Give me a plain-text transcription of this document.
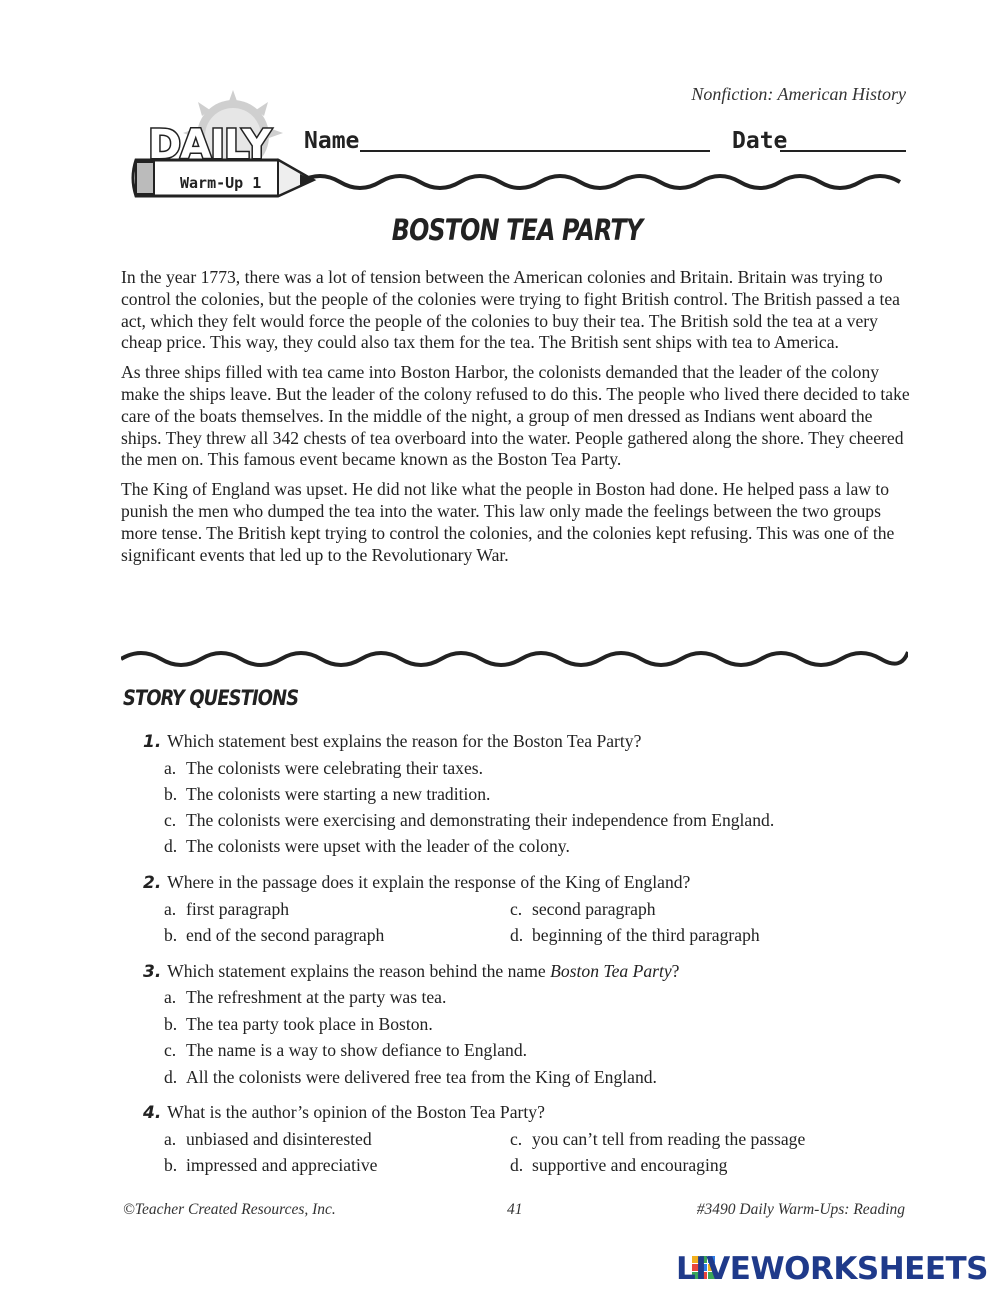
Nonfiction: American History
DAILY
Warm-Up 1
Name	Date
BOSTON TEA PARTY

In the year 1773, there was a lot of tension between the American colonies and Britain. Britain was trying to control the colonies, but the people of the colonies were trying to fight British control. The British passed a tea act, which they felt would force the people of the colonies to buy their tea. The British sold the tea at a very cheap price. This way, they could also tax them for the tea. The British sent ships with tea to America.

As three ships filled with tea came into Boston Harbor, the colonists demanded that the leader of the colony make the ships leave. But the leader of the colony refused to do this. The people who lived there decided to take care of the boats themselves. In the middle of the night, a group of men dressed as Indians went aboard the ships. They threw all 342 chests of tea overboard into the water. People gathered along the shore. They cheered the men on. This famous event became known as the Boston Tea Party.

The King of England was upset. He did not like what the people in Boston had done. He helped pass a law to punish the men who dumped the tea into the water. This law only made the feelings between the two groups more tense. The British kept trying to control the colonies, and the colonies kept refusing. This was one of the significant events that led up to the Revolutionary War.

STORY QUESTIONS
1. Which statement best explains the reason for the Boston Tea Party?
a. The colonists were celebrating their taxes.
b. The colonists were starting a new tradition.
c. The colonists were exercising and demonstrating their independence from England.
d. The colonists were upset with the leader of the colony.
2. Where in the passage does it explain the response of the King of England?
a. first paragraph	c. second paragraph
b. end of the second paragraph	d. beginning of the third paragraph
3. Which statement explains the reason behind the name Boston Tea Party?
a. The refreshment at the party was tea.
b. The tea party took place in Boston.
c. The name is a way to show defiance to England.
d. All the colonists were delivered free tea from the King of England.
4. What is the author’s opinion of the Boston Tea Party?
a. unbiased and disinterested	c. you can’t tell from reading the passage
b. impressed and appreciative	d. supportive and encouraging
©Teacher Created Resources, Inc.	41	#3490 Daily Warm-Ups: Reading
LIVEWORKSHEETS
